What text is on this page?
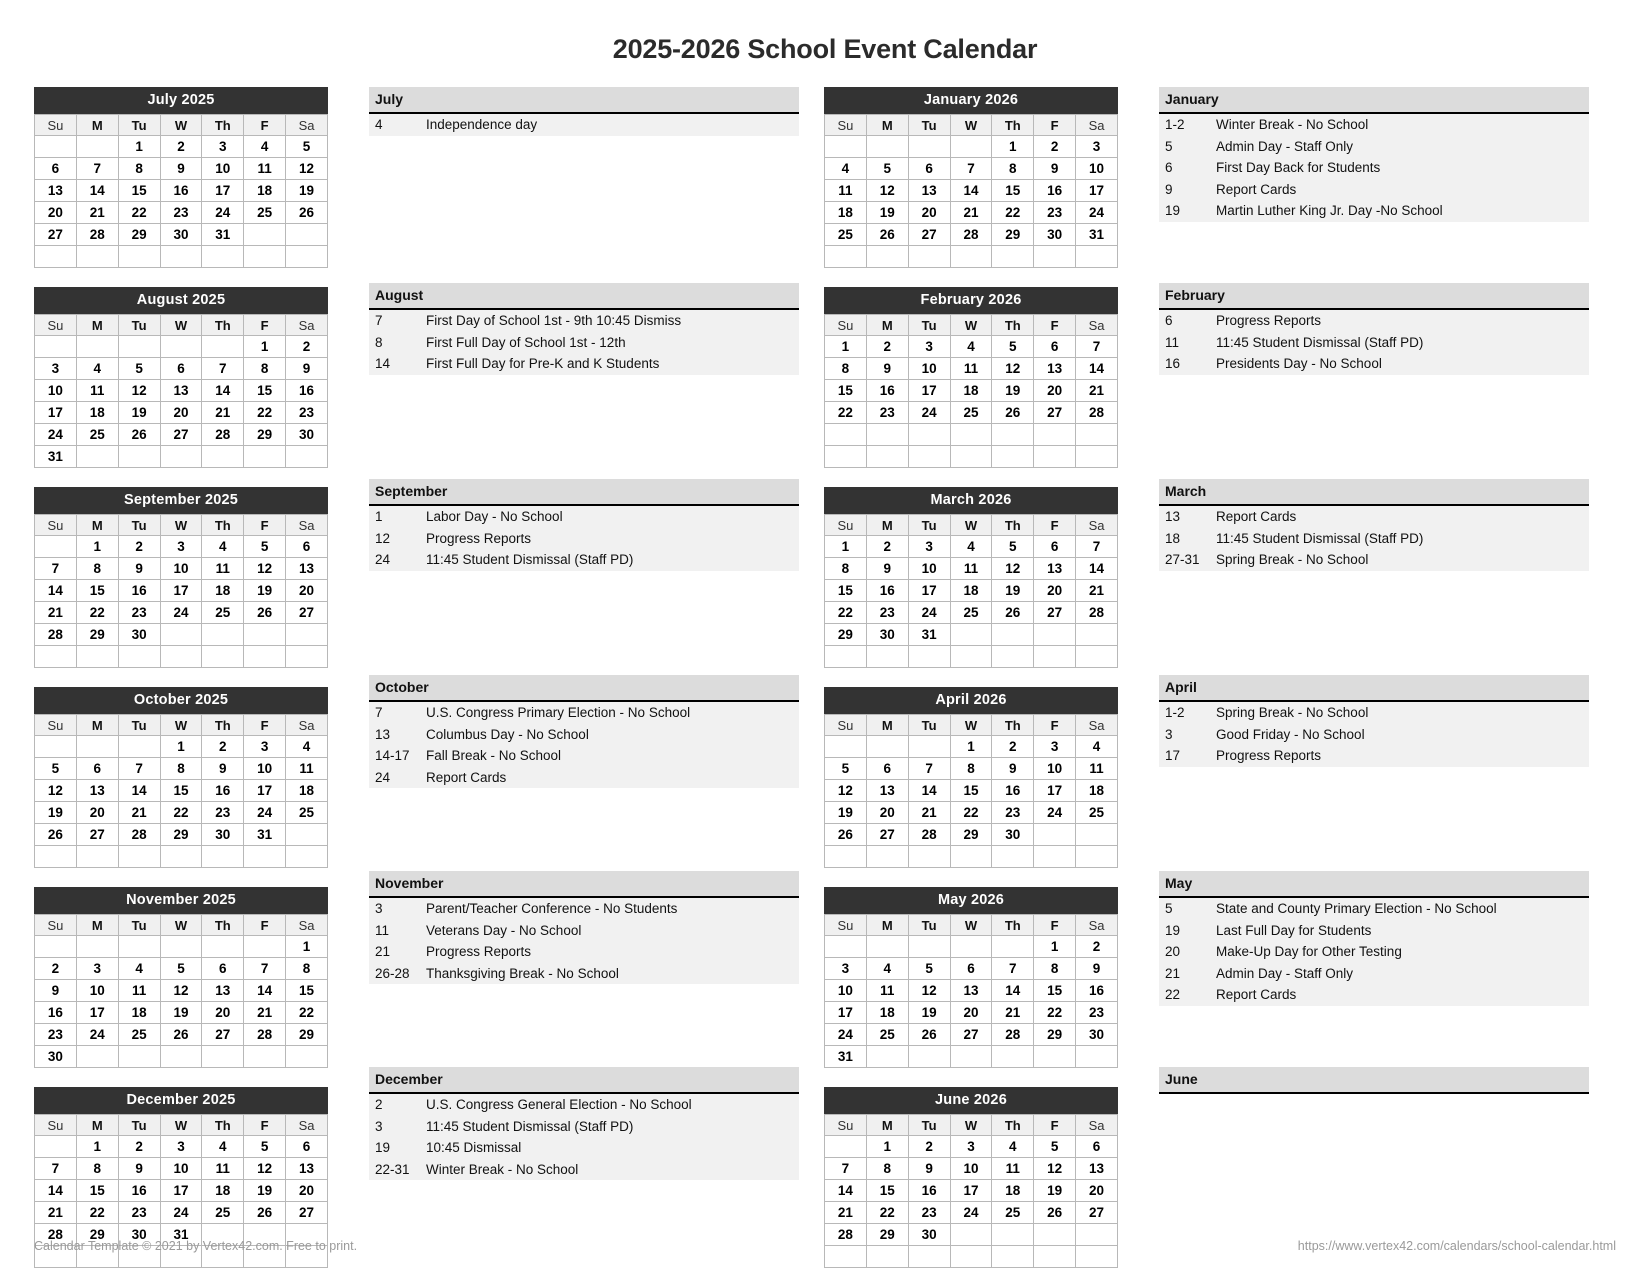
2025-2026 School Event Calendar
July 2025
Su	M	Tu	W	Th	F	Sa
		1	2	3	4	5
6	7	8	9	10	11	12
13	14	15	16	17	18	19
20	21	22	23	24	25	26
27	28	29	30	31		

August 2025
Su	M	Tu	W	Th	F	Sa
					1	2
3	4	5	6	7	8	9
10	11	12	13	14	15	16
17	18	19	20	21	22	23
24	25	26	27	28	29	30
31						
September 2025
Su	M	Tu	W	Th	F	Sa
	1	2	3	4	5	6
7	8	9	10	11	12	13
14	15	16	17	18	19	20
21	22	23	24	25	26	27
28	29	30				

October 2025
Su	M	Tu	W	Th	F	Sa
			1	2	3	4
5	6	7	8	9	10	11
12	13	14	15	16	17	18
19	20	21	22	23	24	25
26	27	28	29	30	31	

November 2025
Su	M	Tu	W	Th	F	Sa
						1
2	3	4	5	6	7	8
9	10	11	12	13	14	15
16	17	18	19	20	21	22
23	24	25	26	27	28	29
30						
December 2025
Su	M	Tu	W	Th	F	Sa
	1	2	3	4	5	6
7	8	9	10	11	12	13
14	15	16	17	18	19	20
21	22	23	24	25	26	27
28	29	30	31			

July
4	Independence day
August
7	First Day of School 1st - 9th 10:45 Dismiss
8	First Full Day of School 1st - 12th
14	First Full Day for Pre-K and K Students
September
1	Labor Day - No School
12	Progress Reports
24	11:45 Student Dismissal (Staff PD)
October
7	U.S. Congress Primary Election - No School
13	Columbus Day - No School
14-17	Fall Break - No School
24	Report Cards
November
3	Parent/Teacher Conference - No Students
11	Veterans Day - No School
21	Progress Reports
26-28	Thanksgiving Break - No School
December
2	U.S. Congress General Election - No School
3	11:45 Student Dismissal (Staff PD)
19	10:45 Dismissal
22-31	Winter Break - No School
January 2026
Su	M	Tu	W	Th	F	Sa
				1	2	3
4	5	6	7	8	9	10
11	12	13	14	15	16	17
18	19	20	21	22	23	24
25	26	27	28	29	30	31

February 2026
Su	M	Tu	W	Th	F	Sa
1	2	3	4	5	6	7
8	9	10	11	12	13	14
15	16	17	18	19	20	21
22	23	24	25	26	27	28

March 2026
Su	M	Tu	W	Th	F	Sa
1	2	3	4	5	6	7
8	9	10	11	12	13	14
15	16	17	18	19	20	21
22	23	24	25	26	27	28
29	30	31				

April 2026
Su	M	Tu	W	Th	F	Sa
			1	2	3	4
5	6	7	8	9	10	11
12	13	14	15	16	17	18
19	20	21	22	23	24	25
26	27	28	29	30		

May 2026
Su	M	Tu	W	Th	F	Sa
					1	2
3	4	5	6	7	8	9
10	11	12	13	14	15	16
17	18	19	20	21	22	23
24	25	26	27	28	29	30
31						
June 2026
Su	M	Tu	W	Th	F	Sa
	1	2	3	4	5	6
7	8	9	10	11	12	13
14	15	16	17	18	19	20
21	22	23	24	25	26	27
28	29	30				

January
1-2	Winter Break - No School
5	Admin Day - Staff Only
6	First Day Back for Students
9	Report Cards
19	Martin Luther King Jr. Day -No School
February
6	Progress Reports
11	11:45 Student Dismissal (Staff PD)
16	Presidents Day - No School
March
13	Report Cards
18	11:45 Student Dismissal (Staff PD)
27-31	Spring Break - No School
April
1-2	Spring Break - No School
3	Good Friday - No School
17	Progress Reports
May
5	State and County Primary Election - No School
19	Last Full Day for Students
20	Make-Up Day for Other Testing
21	Admin Day - Staff Only
22	Report Cards
June
Calendar Template © 2021 by Vertex42.com. Free to print.	https://www.vertex42.com/calendars/school-calendar.html
